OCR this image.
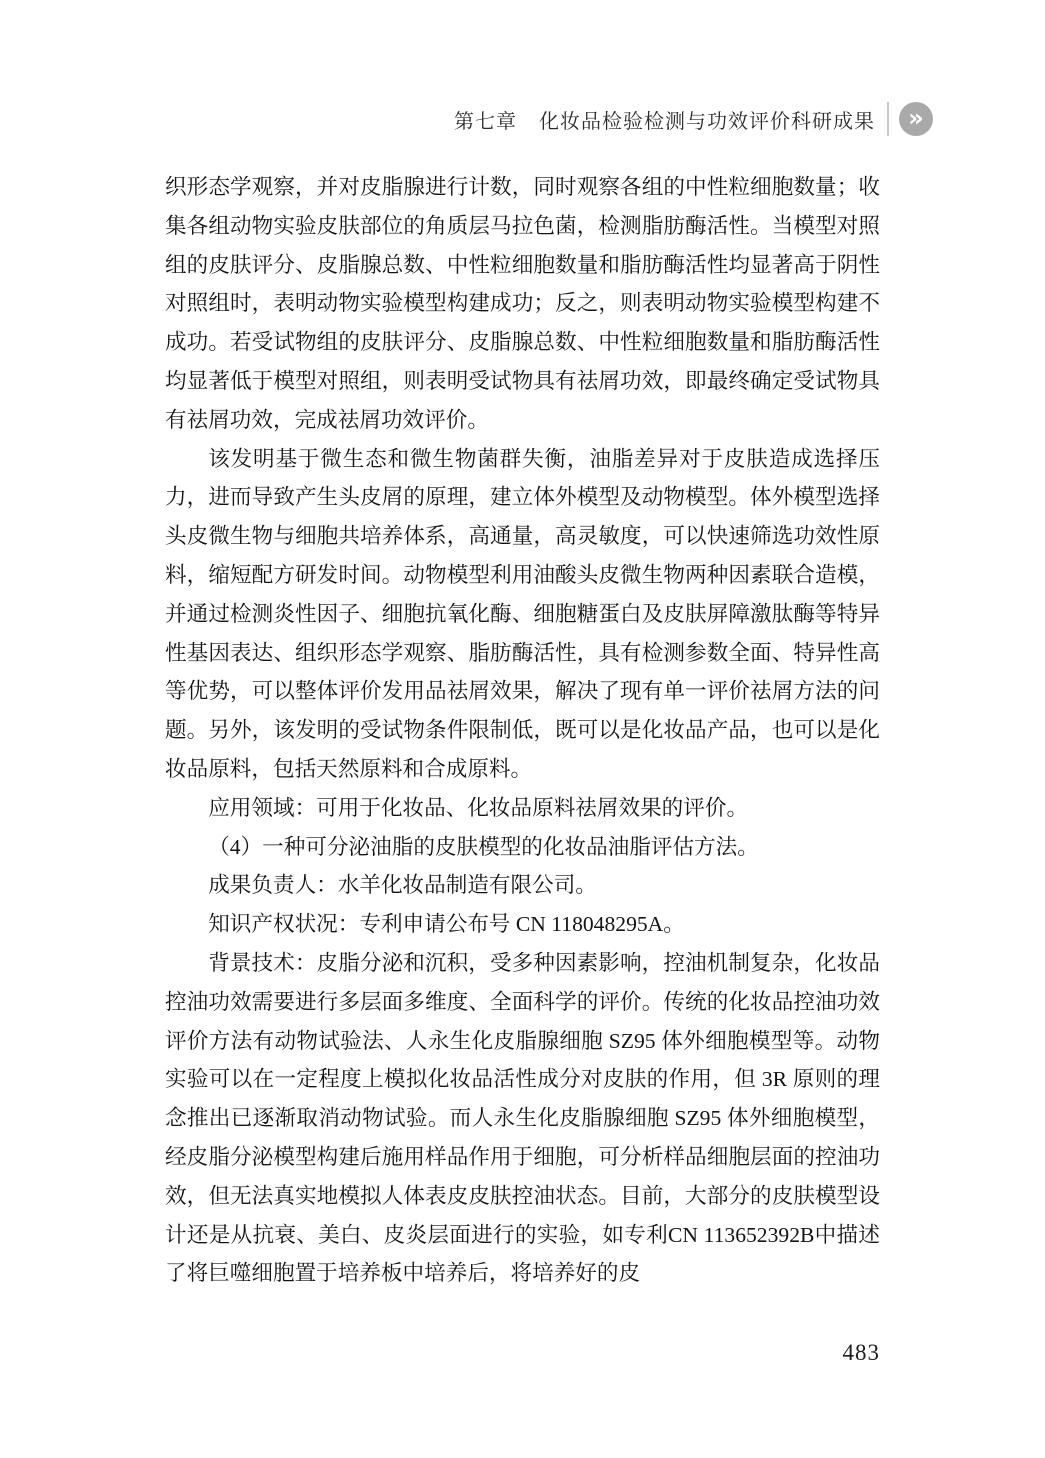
第七章 化妆品检验检测与功效评价科研成果	»

织形态学观察，并对皮脂腺进行计数，同时观察各组的中性粒细胞数量；收集各组动物实验皮肤部位的角质层马拉色菌，检测脂肪酶活性。当模型对照组的皮肤评分、皮脂腺总数、中性粒细胞数量和脂肪酶活性均显著高于阴性对照组时，表明动物实验模型构建成功；反之，则表明动物实验模型构建不成功。若受试物组的皮肤评分、皮脂腺总数、中性粒细胞数量和脂肪酶活性均显著低于模型对照组，则表明受试物具有祛屑功效，即最终确定受试物具有祛屑功效，完成祛屑功效评价。

该发明基于微生态和微生物菌群失衡，油脂差异对于皮肤造成选择压力，进而导致产生头皮屑的原理，建立体外模型及动物模型。体外模型选择头皮微生物与细胞共培养体系，高通量，高灵敏度，可以快速筛选功效性原料，缩短配方研发时间。动物模型利用油酸头皮微生物两种因素联合造模，并通过检测炎性因子、细胞抗氧化酶、细胞糖蛋白及皮肤屏障激肽酶等特异性基因表达、组织形态学观察、脂肪酶活性，具有检测参数全面、特异性高等优势，可以整体评价发用品祛屑效果，解决了现有单一评价祛屑方法的问题。另外，该发明的受试物条件限制低，既可以是化妆品产品，也可以是化妆品原料，包括天然原料和合成原料。

应用领域：可用于化妆品、化妆品原料祛屑效果的评价。

（4）一种可分泌油脂的皮肤模型的化妆品油脂评估方法。

成果负责人：水羊化妆品制造有限公司。

知识产权状况：专利申请公布号 CN 118048295A。

背景技术：皮脂分泌和沉积，受多种因素影响，控油机制复杂，化妆品控油功效需要进行多层面多维度、全面科学的评价。传统的化妆品控油功效评价方法有动物试验法、人永生化皮脂腺细胞 SZ95 体外细胞模型等。动物实验可以在一定程度上模拟化妆品活性成分对皮肤的作用，但 3R 原则的理念推出已逐渐取消动物试验。而人永生化皮脂腺细胞 SZ95 体外细胞模型，经皮脂分泌模型构建后施用样品作用于细胞，可分析样品细胞层面的控油功效，但无法真实地模拟人体表皮皮肤控油状态。目前，大部分的皮肤模型设计还是从抗衰、美白、皮炎层面进行的实验，如专利CN 113652392B中描述了将巨噬细胞置于培养板中培养后，将培养好的皮

483
